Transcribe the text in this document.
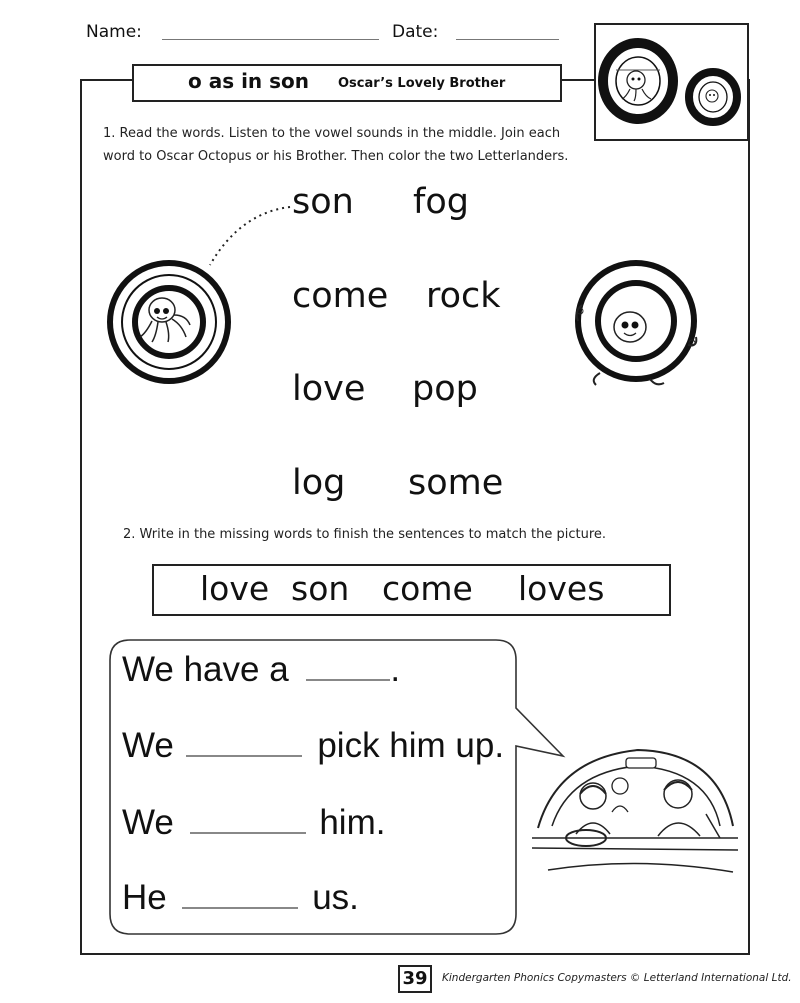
Name:	Date:
o as in son Oscar’s Lovely Brother
1. Read the words. Listen to the vowel sounds in the middle. Join each
word to Oscar Octopus or his Brother. Then color the two Letterlanders.
son fog
come rock
love pop
log some
2. Write in the missing words to finish the sentences to match the picture.
love son come loves
We have a	.
We	pick him up.
We	him.
He	us.
39	Kindergarten Phonics Copymasters © Letterland International Ltd.
